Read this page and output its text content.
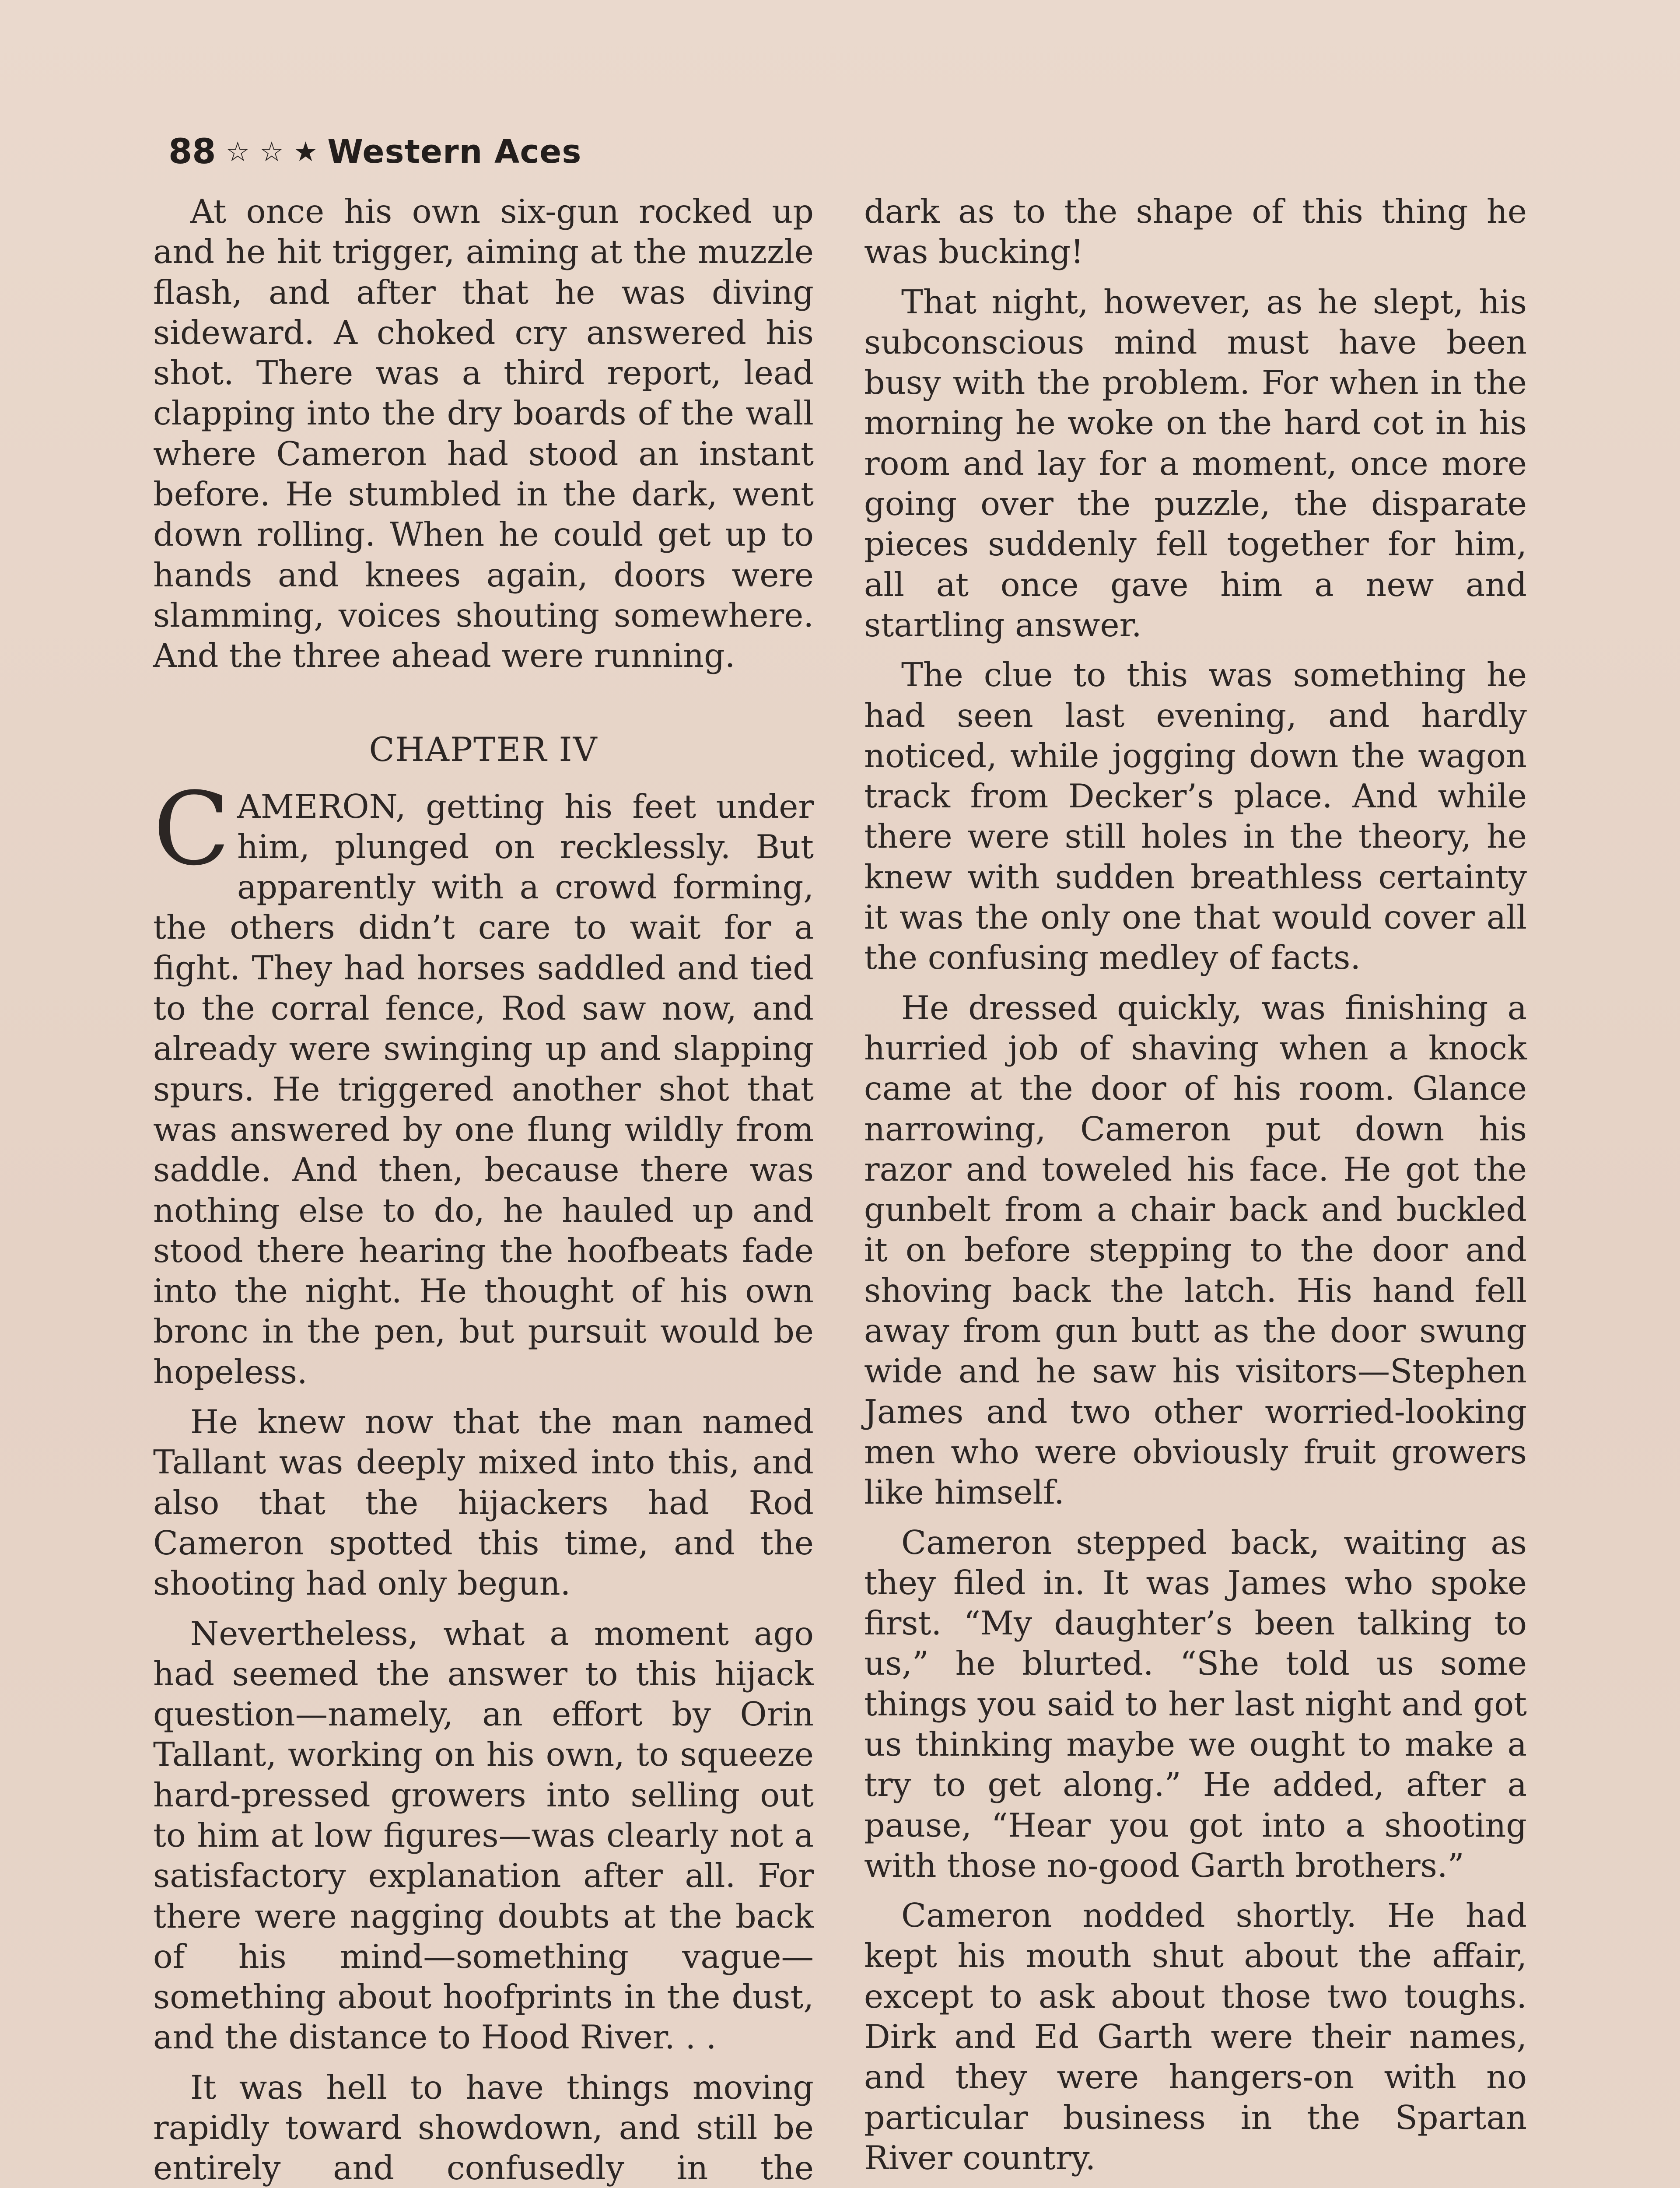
88 ☆ ☆ ★ Western Aces

At once his own six-gun rocked up and he hit trigger, aiming at the muzzle flash, and after that he was diving sideward. A choked cry answered his shot. There was a third report, lead clapping into the dry boards of the wall where Cameron had stood an instant before. He stumbled in the dark, went down rolling. When he could get up to hands and knees again, doors were slamming, voices shouting somewhere. And the three ahead were running.

CHAPTER IV

CAMERON, getting his feet under him, plunged on recklessly. But apparently with a crowd forming, the others didn’t care to wait for a fight. They had horses saddled and tied to the corral fence, Rod saw now, and already were swinging up and slapping spurs. He triggered another shot that was answered by one flung wildly from saddle. And then, because there was nothing else to do, he hauled up and stood there hearing the hoofbeats fade into the night. He thought of his own bronc in the pen, but pursuit would be hopeless.

He knew now that the man named Tallant was deeply mixed into this, and also that the hijackers had Rod Cameron spotted this time, and the shooting had only begun.

Nevertheless, what a moment ago had seemed the answer to this hijack question—namely, an effort by Orin Tallant, working on his own, to squeeze hard-pressed growers into selling out to him at low figures—was clearly not a satisfactory explanation after all. For there were nagging doubts at the back of his mind—something vague—something about hoofprints in the dust, and the distance to Hood River. . .

It was hell to have things moving rapidly toward showdown, and still be entirely and confusedly in the

dark as to the shape of this thing he was bucking!

That night, however, as he slept, his subconscious mind must have been busy with the problem. For when in the morning he woke on the hard cot in his room and lay for a moment, once more going over the puzzle, the disparate pieces suddenly fell together for him, all at once gave him a new and startling answer.

The clue to this was something he had seen last evening, and hardly noticed, while jogging down the wagon track from Decker’s place. And while there were still holes in the theory, he knew with sudden breathless certainty it was the only one that would cover all the confusing medley of facts.

He dressed quickly, was finishing a hurried job of shaving when a knock came at the door of his room. Glance narrowing, Cameron put down his razor and toweled his face. He got the gunbelt from a chair back and buckled it on before stepping to the door and shoving back the latch. His hand fell away from gun butt as the door swung wide and he saw his visitors—Stephen James and two other worried-looking men who were obviously fruit growers like himself.

Cameron stepped back, waiting as they filed in. It was James who spoke first. “My daughter’s been talking to us,” he blurted. “She told us some things you said to her last night and got us thinking maybe we ought to make a try to get along.” He added, after a pause, “Hear you got into a shooting with those no-good Garth brothers.”

Cameron nodded shortly. He had kept his mouth shut about the affair, except to ask about those two toughs. Dirk and Ed Garth were their names, and they were hangers-on with no particular business in the Spartan River country.
